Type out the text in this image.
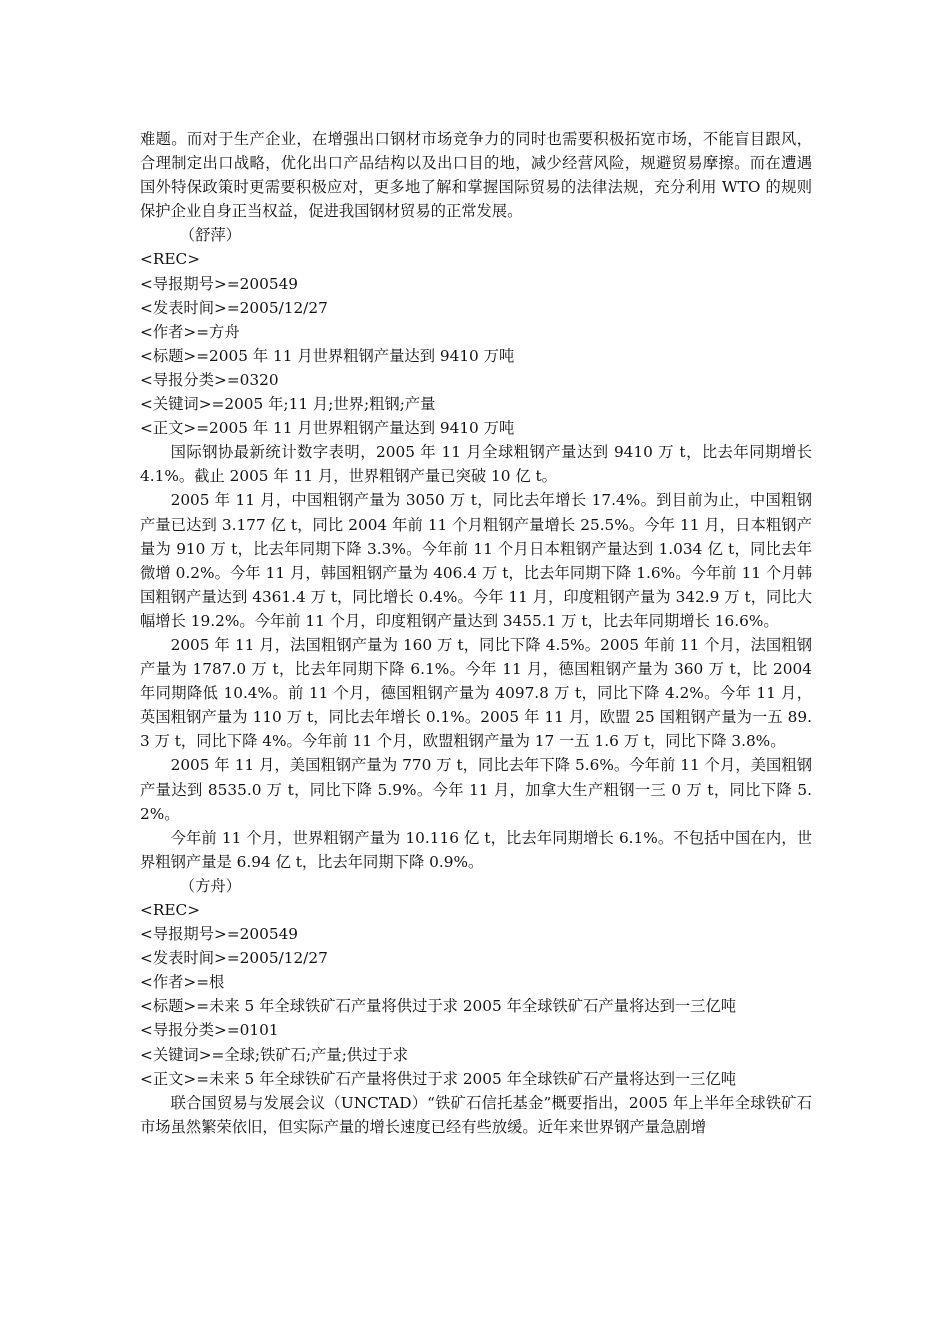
难题。而对于生产企业，在增强出口钢材市场竞争力的同时也需要积极拓宽市场，不能盲目跟风，合理制定出口战略，优化出口产品结构以及出口目的地，减少经营风险，规避贸易摩擦。而在遭遇国外特保政策时更需要积极应对，更多地了解和掌握国际贸易的法律法规，充分利用 WTO 的规则保护企业自身正当权益，促进我国钢材贸易的正常发展。

（舒萍）

<REC>

<导报期号>=200549

<发表时间>=2005/12/27

<作者>=方舟

<标题>=2005 年 11 月世界粗钢产量达到 9410 万吨

<导报分类>=0320

<关键词>=2005 年;11 月;世界;粗钢;产量

<正文>=2005 年 11 月世界粗钢产量达到 9410 万吨

国际钢协最新统计数字表明，2005 年 11 月全球粗钢产量达到 9410 万 t，比去年同期增长 4.1%。截止 2005 年 11 月，世界粗钢产量已突破 10 亿 t。

2005 年 11 月，中国粗钢产量为 3050 万 t，同比去年增长 17.4%。到目前为止，中国粗钢产量已达到 3.177 亿 t，同比 2004 年前 11 个月粗钢产量增长 25.5%。今年 11 月，日本粗钢产量为 910 万 t，比去年同期下降 3.3%。今年前 11 个月日本粗钢产量达到 1.034 亿 t，同比去年微增 0.2%。今年 11 月，韩国粗钢产量为 406.4 万 t，比去年同期下降 1.6%。今年前 11 个月韩国粗钢产量达到 4361.4 万 t，同比增长 0.4%。今年 11 月，印度粗钢产量为 342.9 万 t，同比大幅增长 19.2%。今年前 11 个月，印度粗钢产量达到 3455.1 万 t，比去年同期增长 16.6%。

2005 年 11 月，法国粗钢产量为 160 万 t，同比下降 4.5%。2005 年前 11 个月，法国粗钢产量为 1787.0 万 t，比去年同期下降 6.1%。今年 11 月，德国粗钢产量为 360 万 t，比 2004 年同期降低 10.4%。前 11 个月，德国粗钢产量为 4097.8 万 t，同比下降 4.2%。今年 11 月，英国粗钢产量为 110 万 t，同比去年增长 0.1%。2005 年 11 月，欧盟 25 国粗钢产量为一五 89.3 万 t，同比下降 4%。今年前 11 个月，欧盟粗钢产量为 17 一五 1.6 万 t，同比下降 3.8%。

2005 年 11 月，美国粗钢产量为 770 万 t，同比去年下降 5.6%。今年前 11 个月，美国粗钢产量达到 8535.0 万 t，同比下降 5.9%。今年 11 月，加拿大生产粗钢一三 0 万 t，同比下降 5.2%。

今年前 11 个月，世界粗钢产量为 10.116 亿 t，比去年同期增长 6.1%。不包括中国在内，世界粗钢产量是 6.94 亿 t，比去年同期下降 0.9%。

（方舟）

<REC>

<导报期号>=200549

<发表时间>=2005/12/27

<作者>=根

<标题>=未来 5 年全球铁矿石产量将供过于求 2005 年全球铁矿石产量将达到一三亿吨

<导报分类>=0101

<关键词>=全球;铁矿石;产量;供过于求

<正文>=未来 5 年全球铁矿石产量将供过于求 2005 年全球铁矿石产量将达到一三亿吨

联合国贸易与发展会议（UNCTAD）“铁矿石信托基金”概要指出，2005 年上半年全球铁矿石市场虽然繁荣依旧，但实际产量的增长速度已经有些放缓。近年来世界钢产量急剧增
